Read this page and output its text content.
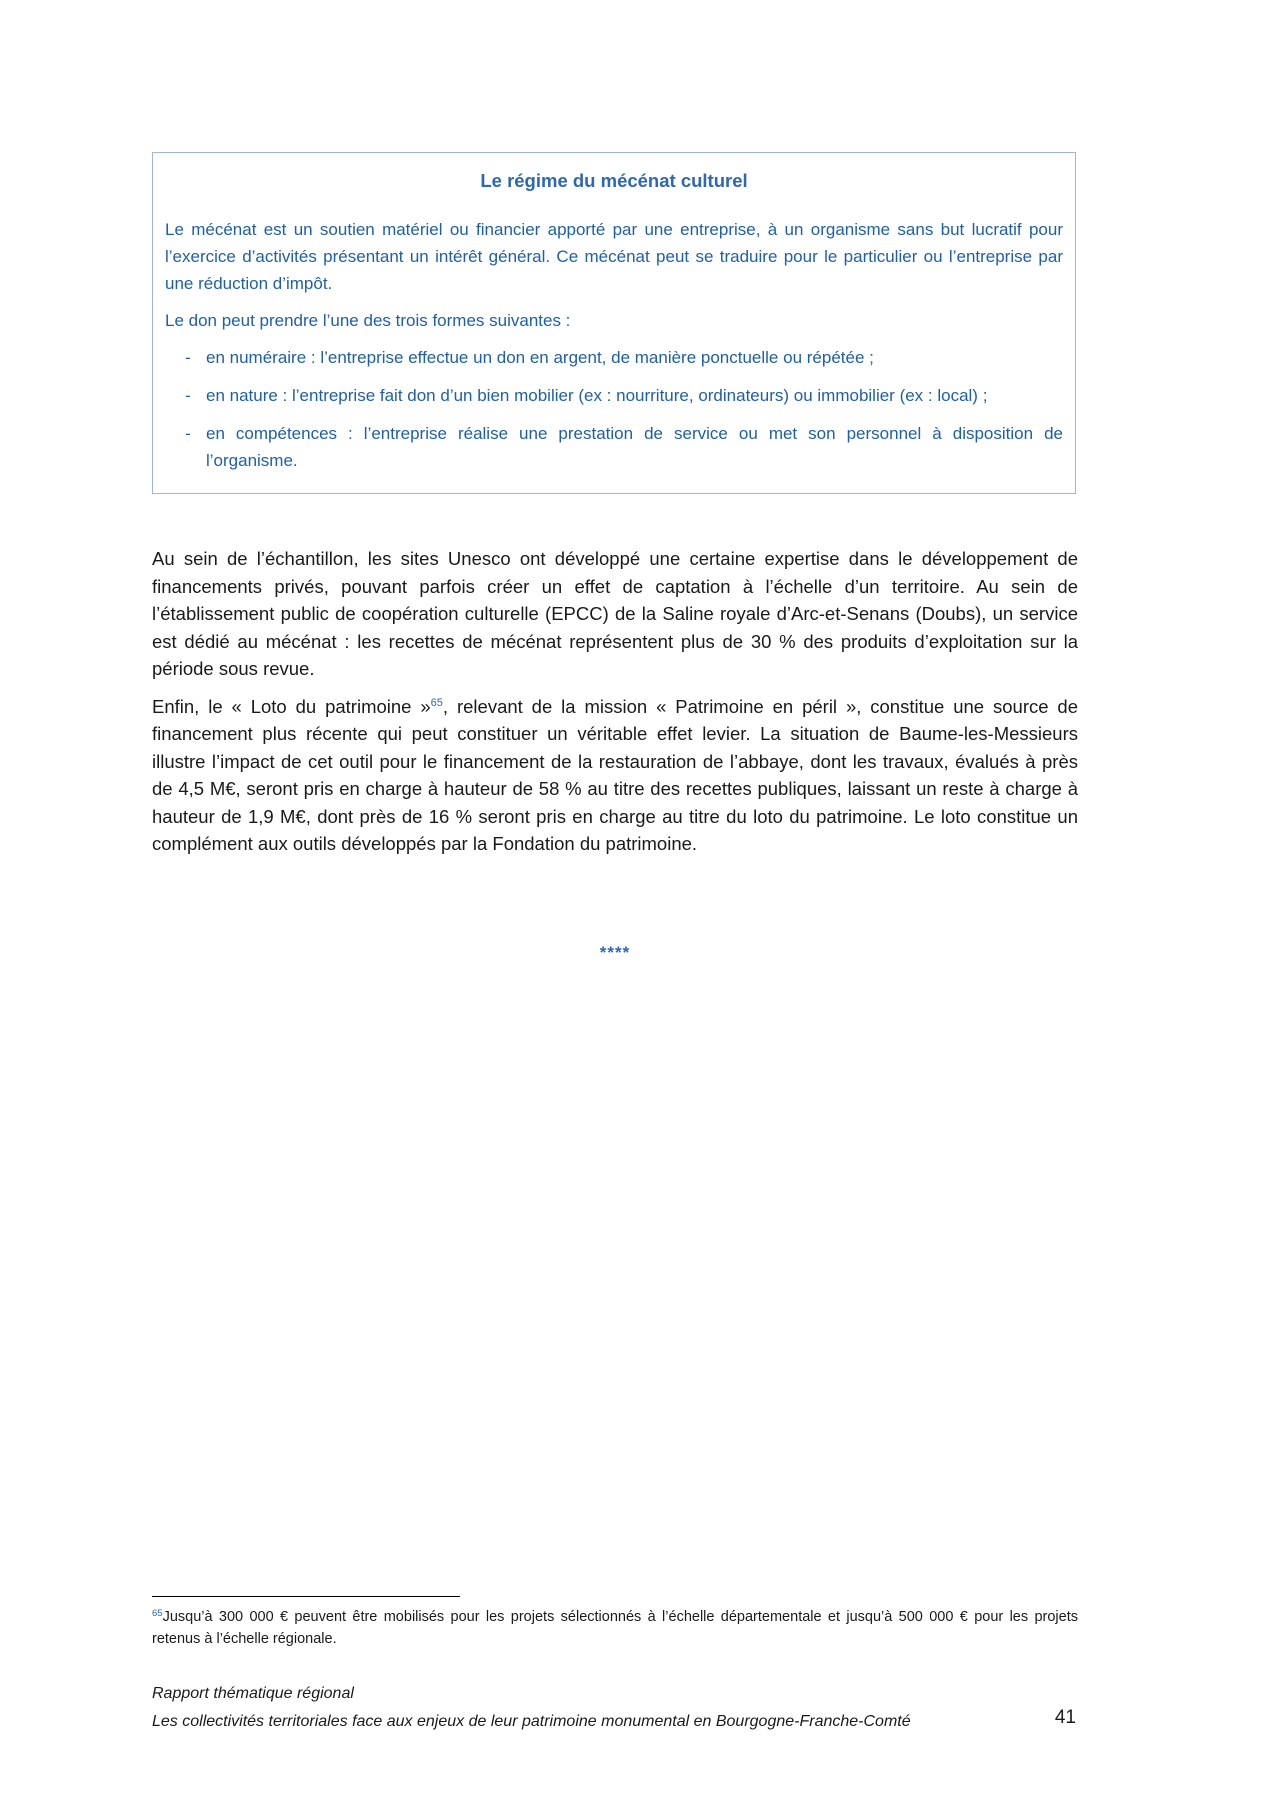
Le régime du mécénat culturel

Le mécénat est un soutien matériel ou financier apporté par une entreprise, à un organisme sans but lucratif pour l’exercice d’activités présentant un intérêt général. Ce mécénat peut se traduire pour le particulier ou l’entreprise par une réduction d’impôt.

Le don peut prendre l’une des trois formes suivantes :

- en numéraire : l’entreprise effectue un don en argent, de manière ponctuelle ou répétée ;
- en nature : l’entreprise fait don d’un bien mobilier (ex : nourriture, ordinateurs) ou immobilier (ex : local) ;
- en compétences : l’entreprise réalise une prestation de service ou met son personnel à disposition de l’organisme.

Au sein de l’échantillon, les sites Unesco ont développé une certaine expertise dans le développement de financements privés, pouvant parfois créer un effet de captation à l’échelle d’un territoire. Au sein de l’établissement public de coopération culturelle (EPCC) de la Saline royale d’Arc-et-Senans (Doubs), un service est dédié au mécénat : les recettes de mécénat représentent plus de 30 % des produits d’exploitation sur la période sous revue.

Enfin, le « Loto du patrimoine »$^{65}$, relevant de la mission « Patrimoine en péril », constitue une source de financement plus récente qui peut constituer un véritable effet levier. La situation de Baume-les-Messieurs illustre l’impact de cet outil pour le financement de la restauration de l’abbaye, dont les travaux, évalués à près de 4,5 M€, seront pris en charge à hauteur de 58 % au titre des recettes publiques, laissant un reste à charge à hauteur de 1,9 M€, dont près de 16 % seront pris en charge au titre du loto du patrimoine. Le loto constitue un complément aux outils développés par la Fondation du patrimoine.

****
$^{65}$Jusqu’à 300 000 € peuvent être mobilisés pour les projets sélectionnés à l’échelle départementale et jusqu’à 500 000 € pour les projets retenus à l’échelle régionale.
Rapport thématique régional
Les collectivités territoriales face aux enjeux de leur patrimoine monumental en Bourgogne-Franche-Comté	41
